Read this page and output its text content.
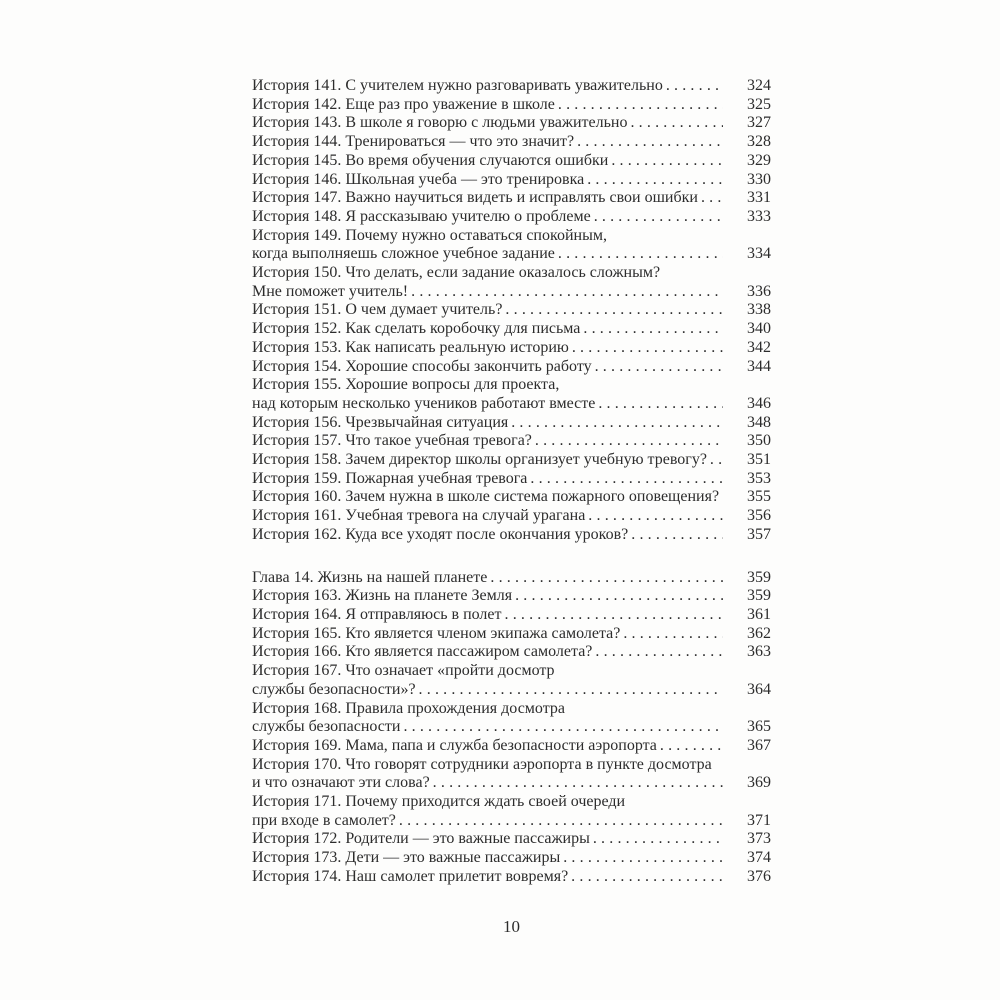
История 141. С учителем нужно разговаривать уважительно .....	324
История 142. Еще раз про уважение в школе .....	325
История 143. В школе я говорю с людьми уважительно .....	327
История 144. Тренироваться — что это значит? .....	328
История 145. Во время обучения случаются ошибки .....	329
История 146. Школьная учеба — это тренировка .....	330
История 147. Важно научиться видеть и исправлять свои ошибки .....	331
История 148. Я рассказываю учителю о проблеме .....	333
История 149. Почему нужно оставаться спокойным,
когда выполняешь сложное учебное задание .....	334
История 150. Что делать, если задание оказалось сложным?
Мне поможет учитель! .....	336
История 151. О чем думает учитель? .....	338
История 152. Как сделать коробочку для письма .....	340
История 153. Как написать реальную историю .....	342
История 154. Хорошие способы закончить работу .....	344
История 155. Хорошие вопросы для проекта,
над которым несколько учеников работают вместе .....	346
История 156. Чрезвычайная ситуация .....	348
История 157. Что такое учебная тревога? .....	350
История 158. Зачем директор школы организует учебную тревогу? .....	351
История 159. Пожарная учебная тревога .....	353
История 160. Зачем нужна в школе система пожарного оповещения? .....	355
История 161. Учебная тревога на случай урагана .....	356
История 162. Куда все уходят после окончания уроков? .....	357
Глава 14. Жизнь на нашей планете .....	359
История 163. Жизнь на планете Земля .....	359
История 164. Я отправляюсь в полет .....	361
История 165. Кто является членом экипажа самолета? .....	362
История 166. Кто является пассажиром самолета? .....	363
История 167. Что означает «пройти досмотр
службы безопасности»? .....	364
История 168. Правила прохождения досмотра
службы безопасности .....	365
История 169. Мама, папа и служба безопасности аэропорта .....	367
История 170. Что говорят сотрудники аэропорта в пункте досмотра
и что означают эти слова? .....	369
История 171. Почему приходится ждать своей очереди
при входе в самолет? .....	371
История 172. Родители — это важные пассажиры .....	373
История 173. Дети — это важные пассажиры .....	374
История 174. Наш самолет прилетит вовремя? .....	376
10
